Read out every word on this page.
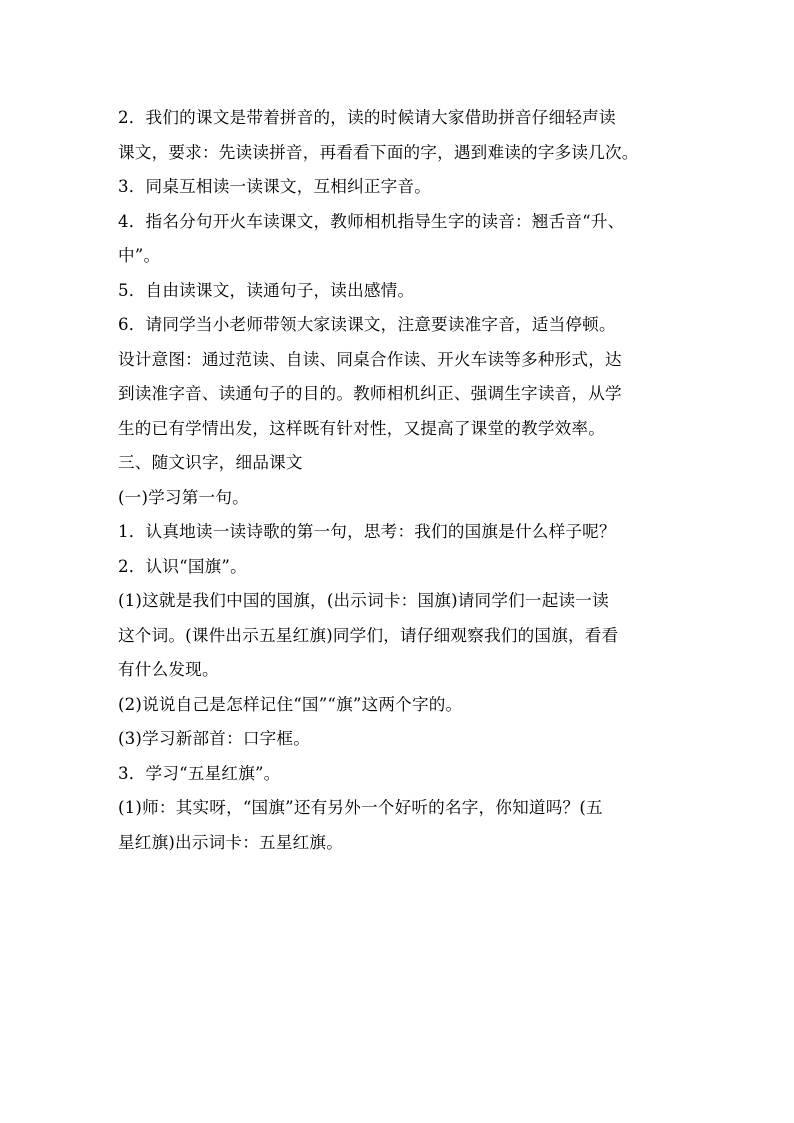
2．我们的课文是带着拼音的，读的时候请大家借助拼音仔细轻声读
课文，要求：先读读拼音，再看看下面的字，遇到难读的字多读几次。
3．同桌互相读一读课文，互相纠正字音。
4．指名分句开火车读课文，教师相机指导生字的读音：翘舌音“升、
中”。
5．自由读课文，读通句子，读出感情。
6．请同学当小老师带领大家读课文，注意要读准字音，适当停顿。
设计意图：通过范读、自读、同桌合作读、开火车读等多种形式，达
到读准字音、读通句子的目的。教师相机纠正、强调生字读音，从学
生的已有学情出发，这样既有针对性，又提高了课堂的教学效率。
三、随文识字，细品课文
(一)学习第一句。
1．认真地读一读诗歌的第一句，思考：我们的国旗是什么样子呢？
2．认识“国旗”。
(1)这就是我们中国的国旗，(出示词卡：国旗)请同学们一起读一读
这个词。(课件出示五星红旗)同学们，请仔细观察我们的国旗，看看
有什么发现。
(2)说说自己是怎样记住“国”“旗”这两个字的。
(3)学习新部首：口字框。
3．学习“五星红旗”。
(1)师：其实呀，“国旗”还有另外一个好听的名字，你知道吗？(五
星红旗)出示词卡：五星红旗。
